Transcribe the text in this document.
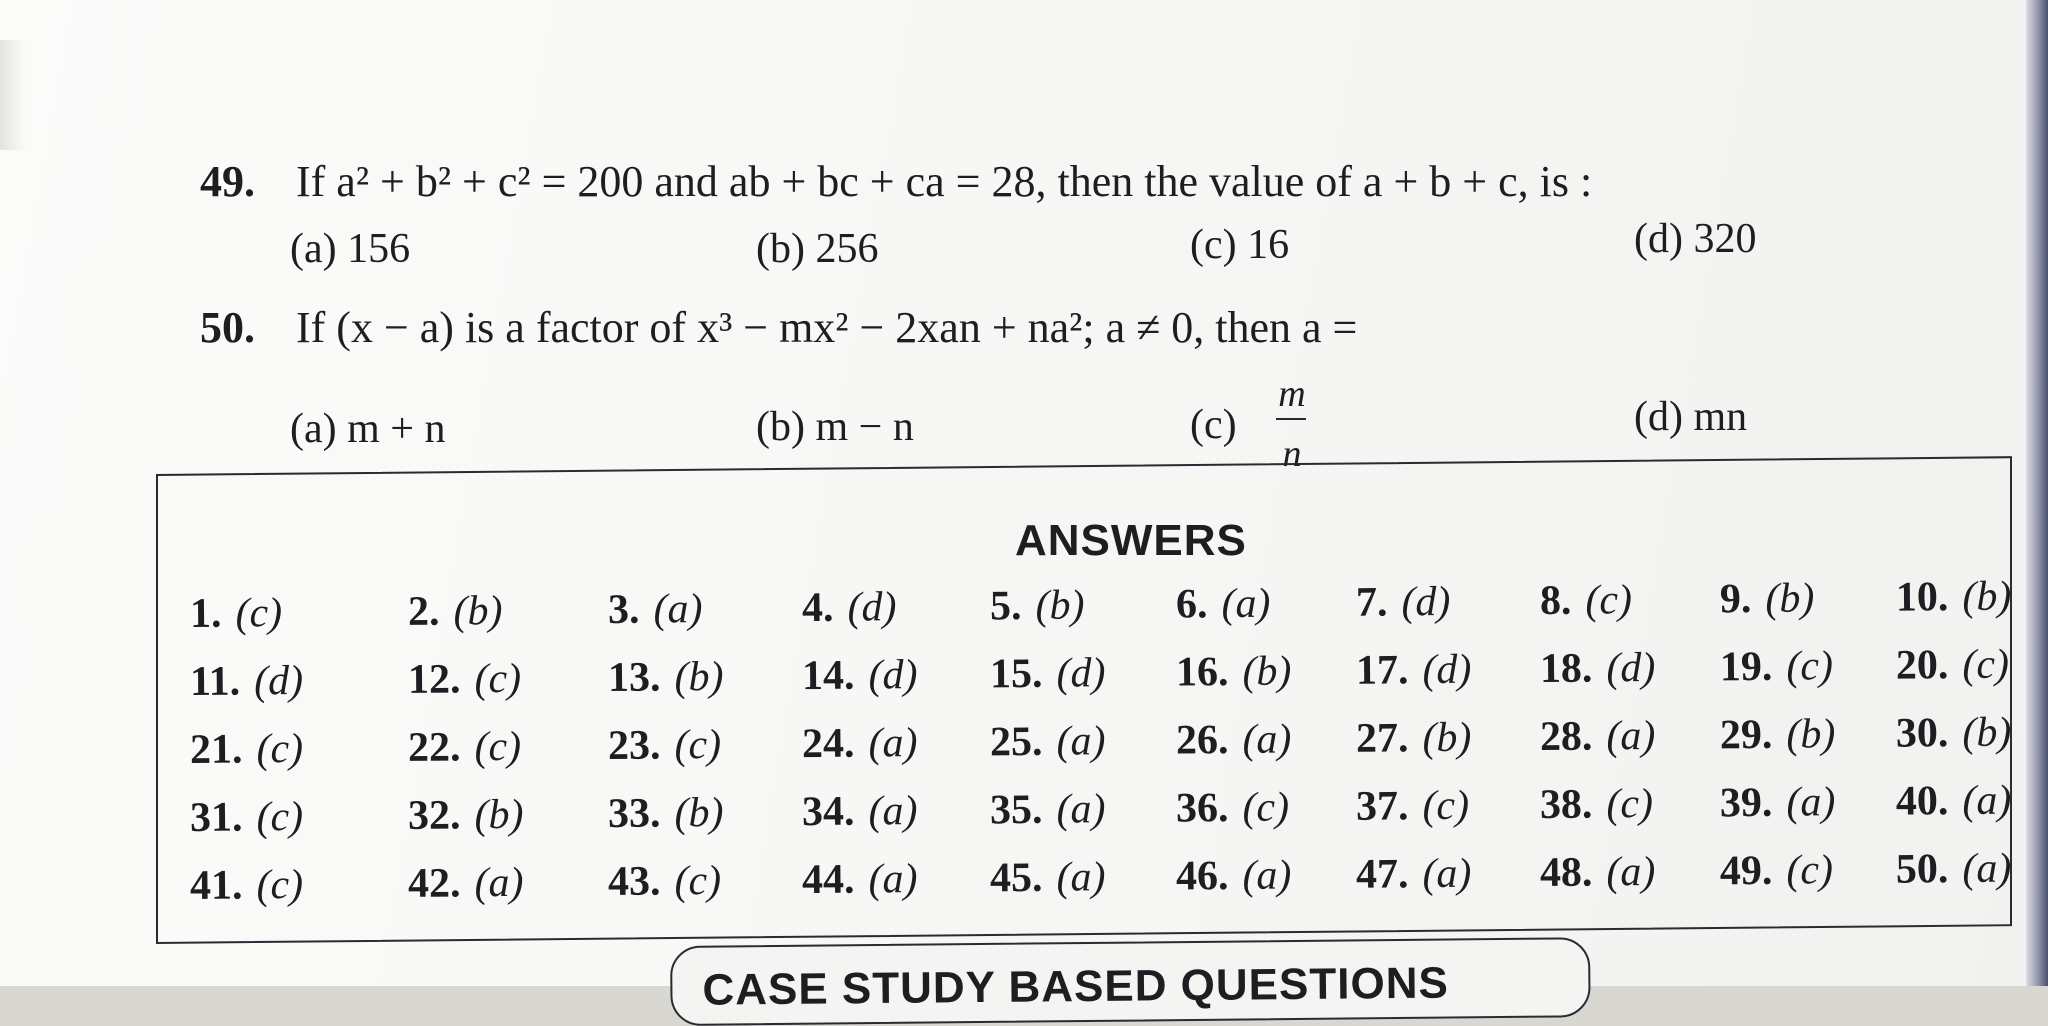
49. If a² + b² + c² = 200 and ab + bc + ca = 28, then the value of a + b + c, is :
(a) 156	(b) 256	(c) 16	(d) 320
50. If (x − a) is a factor of x³ − mx² − 2xan + na²; a ≠ 0, then a =
(a) m + n	(b) m − n	(c)
m
n
(d) mn
ANSWERS
1. (c)	2. (b)	3. (a) 4. (d) 5. (b) 6. (a) 7. (d) 8. (c) 9. (b) 10. (b)
11. (d) 12. (c) 13. (b) 14. (d) 15. (d) 16. (b) 17. (d) 18. (d) 19. (c) 20. (c)
21. (c) 22. (c) 23. (c) 24. (a) 25. (a) 26. (a) 27. (b) 28. (a) 29. (b) 30. (b)
31. (c) 32. (b) 33. (b) 34. (a) 35. (a) 36. (c) 37. (c) 38. (c) 39. (a) 40. (a)
41. (c) 42. (a) 43. (c) 44. (a) 45. (a) 46. (a) 47. (a) 48. (a) 49. (c) 50. (a)
CASE STUDY BASED QUESTIONS
